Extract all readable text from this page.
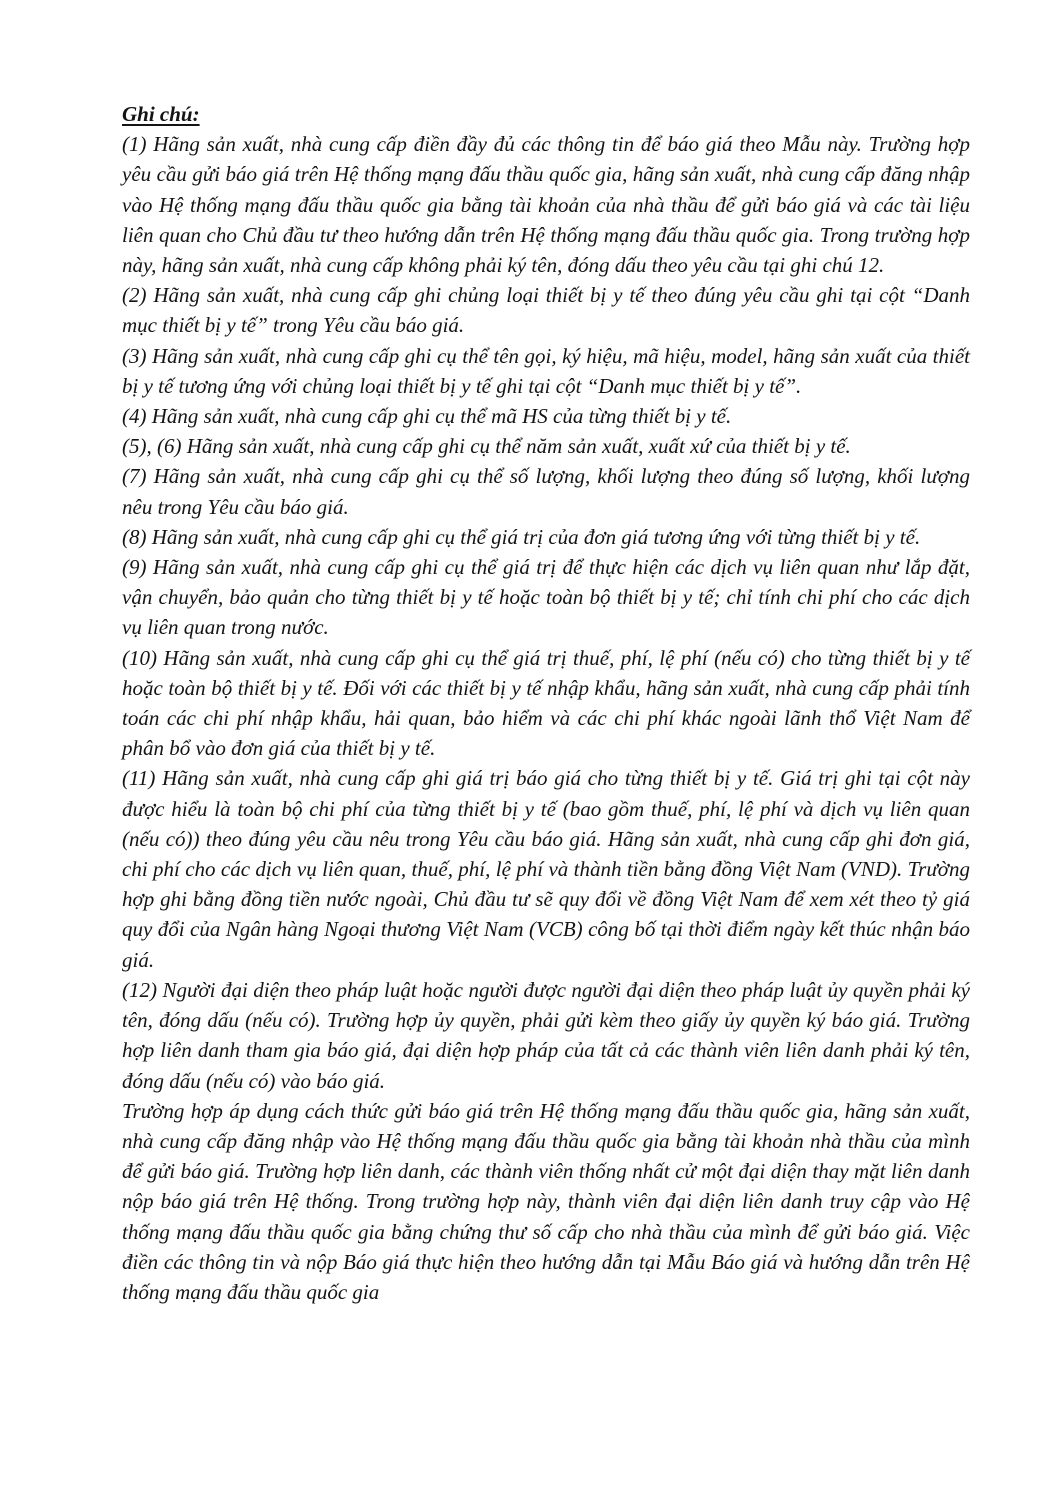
Ghi chú:

(1) Hãng sản xuất, nhà cung cấp điền đầy đủ các thông tin để báo giá theo Mẫu này. Trường hợp yêu cầu gửi báo giá trên Hệ thống mạng đấu thầu quốc gia, hãng sản xuất, nhà cung cấp đăng nhập vào Hệ thống mạng đấu thầu quốc gia bằng tài khoản của nhà thầu để gửi báo giá và các tài liệu liên quan cho Chủ đầu tư theo hướng dẫn trên Hệ thống mạng đấu thầu quốc gia. Trong trường hợp này, hãng sản xuất, nhà cung cấp không phải ký tên, đóng dấu theo yêu cầu tại ghi chú 12.

(2) Hãng sản xuất, nhà cung cấp ghi chủng loại thiết bị y tế theo đúng yêu cầu ghi tại cột “Danh mục thiết bị y tế” trong Yêu cầu báo giá.

(3) Hãng sản xuất, nhà cung cấp ghi cụ thể tên gọi, ký hiệu, mã hiệu, model, hãng sản xuất của thiết bị y tế tương ứng với chủng loại thiết bị y tế ghi tại cột “Danh mục thiết bị y tế”.

(4) Hãng sản xuất, nhà cung cấp ghi cụ thể mã HS của từng thiết bị y tế.

(5), (6) Hãng sản xuất, nhà cung cấp ghi cụ thể năm sản xuất, xuất xứ của thiết bị y tế.

(7) Hãng sản xuất, nhà cung cấp ghi cụ thể số lượng, khối lượng theo đúng số lượng, khối lượng nêu trong Yêu cầu báo giá.

(8) Hãng sản xuất, nhà cung cấp ghi cụ thể giá trị của đơn giá tương ứng với từng thiết bị y tế.

(9) Hãng sản xuất, nhà cung cấp ghi cụ thể giá trị để thực hiện các dịch vụ liên quan như lắp đặt, vận chuyển, bảo quản cho từng thiết bị y tế hoặc toàn bộ thiết bị y tế; chỉ tính chi phí cho các dịch vụ liên quan trong nước.

(10) Hãng sản xuất, nhà cung cấp ghi cụ thể giá trị thuế, phí, lệ phí (nếu có) cho từng thiết bị y tế hoặc toàn bộ thiết bị y tế. Đối với các thiết bị y tế nhập khẩu, hãng sản xuất, nhà cung cấp phải tính toán các chi phí nhập khẩu, hải quan, bảo hiểm và các chi phí khác ngoài lãnh thổ Việt Nam để phân bổ vào đơn giá của thiết bị y tế.

(11) Hãng sản xuất, nhà cung cấp ghi giá trị báo giá cho từng thiết bị y tế. Giá trị ghi tại cột này được hiểu là toàn bộ chi phí của từng thiết bị y tế (bao gồm thuế, phí, lệ phí và dịch vụ liên quan (nếu có)) theo đúng yêu cầu nêu trong Yêu cầu báo giá. Hãng sản xuất, nhà cung cấp ghi đơn giá, chi phí cho các dịch vụ liên quan, thuế, phí, lệ phí và thành tiền bằng đồng Việt Nam (VND). Trường hợp ghi bằng đồng tiền nước ngoài, Chủ đầu tư sẽ quy đổi về đồng Việt Nam để xem xét theo tỷ giá quy đổi của Ngân hàng Ngoại thương Việt Nam (VCB) công bố tại thời điểm ngày kết thúc nhận báo giá.

(12) Người đại diện theo pháp luật hoặc người được người đại diện theo pháp luật ủy quyền phải ký tên, đóng dấu (nếu có). Trường hợp ủy quyền, phải gửi kèm theo giấy ủy quyền ký báo giá. Trường hợp liên danh tham gia báo giá, đại diện hợp pháp của tất cả các thành viên liên danh phải ký tên, đóng dấu (nếu có) vào báo giá.

Trường hợp áp dụng cách thức gửi báo giá trên Hệ thống mạng đấu thầu quốc gia, hãng sản xuất, nhà cung cấp đăng nhập vào Hệ thống mạng đấu thầu quốc gia bằng tài khoản nhà thầu của mình để gửi báo giá. Trường hợp liên danh, các thành viên thống nhất cử một đại diện thay mặt liên danh nộp báo giá trên Hệ thống. Trong trường hợp này, thành viên đại diện liên danh truy cập vào Hệ thống mạng đấu thầu quốc gia bằng chứng thư số cấp cho nhà thầu của mình để gửi báo giá. Việc điền các thông tin và nộp Báo giá thực hiện theo hướng dẫn tại Mẫu Báo giá và hướng dẫn trên Hệ thống mạng đấu thầu quốc gia
